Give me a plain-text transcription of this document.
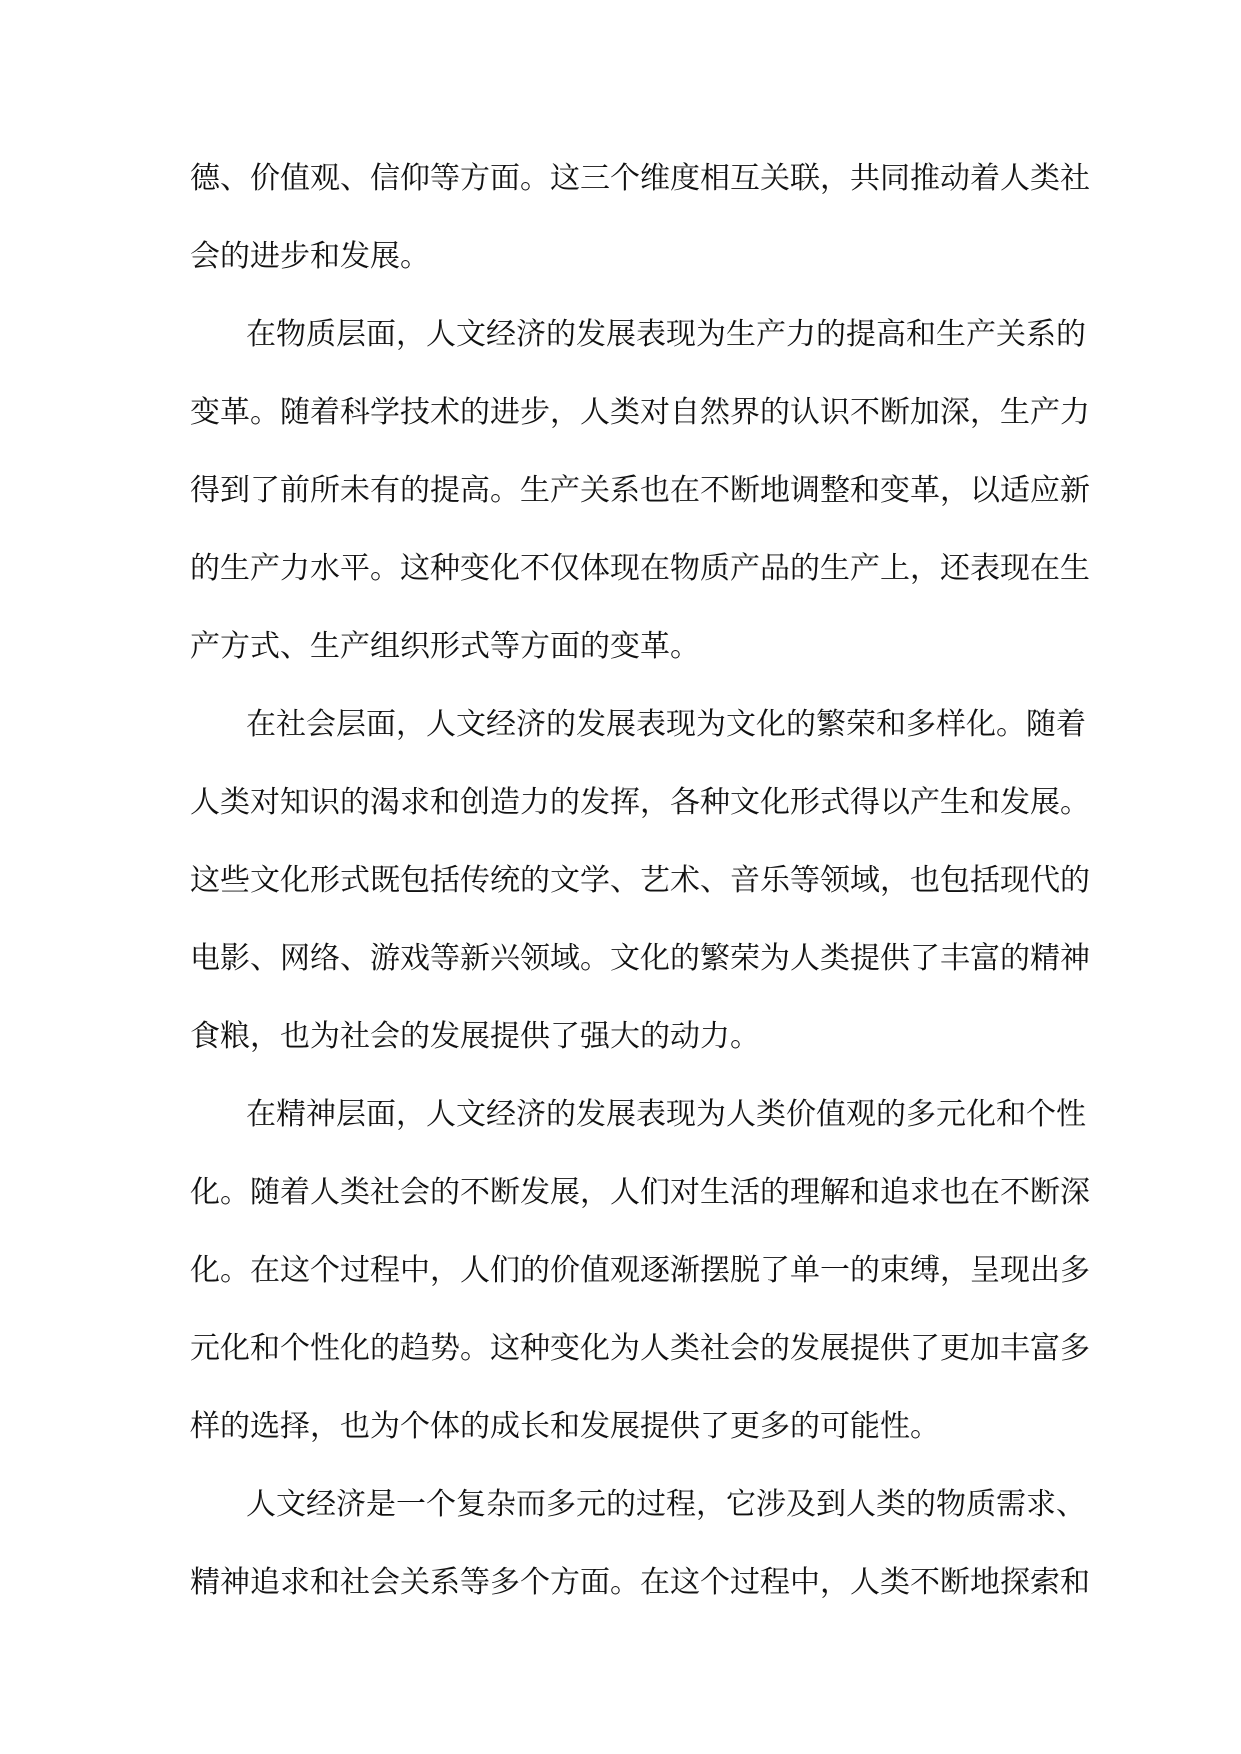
德、价值观、信仰等方面。这三个维度相互关联，共同推动着人类社
会的进步和发展。
在物质层面，人文经济的发展表现为生产力的提高和生产关系的
变革。随着科学技术的进步，人类对自然界的认识不断加深，生产力
得到了前所未有的提高。生产关系也在不断地调整和变革，以适应新
的生产力水平。这种变化不仅体现在物质产品的生产上，还表现在生
产方式、生产组织形式等方面的变革。
在社会层面，人文经济的发展表现为文化的繁荣和多样化。随着
人类对知识的渴求和创造力的发挥，各种文化形式得以产生和发展。
这些文化形式既包括传统的文学、艺术、音乐等领域，也包括现代的
电影、网络、游戏等新兴领域。文化的繁荣为人类提供了丰富的精神
食粮，也为社会的发展提供了强大的动力。
在精神层面，人文经济的发展表现为人类价值观的多元化和个性
化。随着人类社会的不断发展，人们对生活的理解和追求也在不断深
化。在这个过程中，人们的价值观逐渐摆脱了单一的束缚，呈现出多
元化和个性化的趋势。这种变化为人类社会的发展提供了更加丰富多
样的选择，也为个体的成长和发展提供了更多的可能性。
人文经济是一个复杂而多元的过程，它涉及到人类的物质需求、
精神追求和社会关系等多个方面。在这个过程中，人类不断地探索和
